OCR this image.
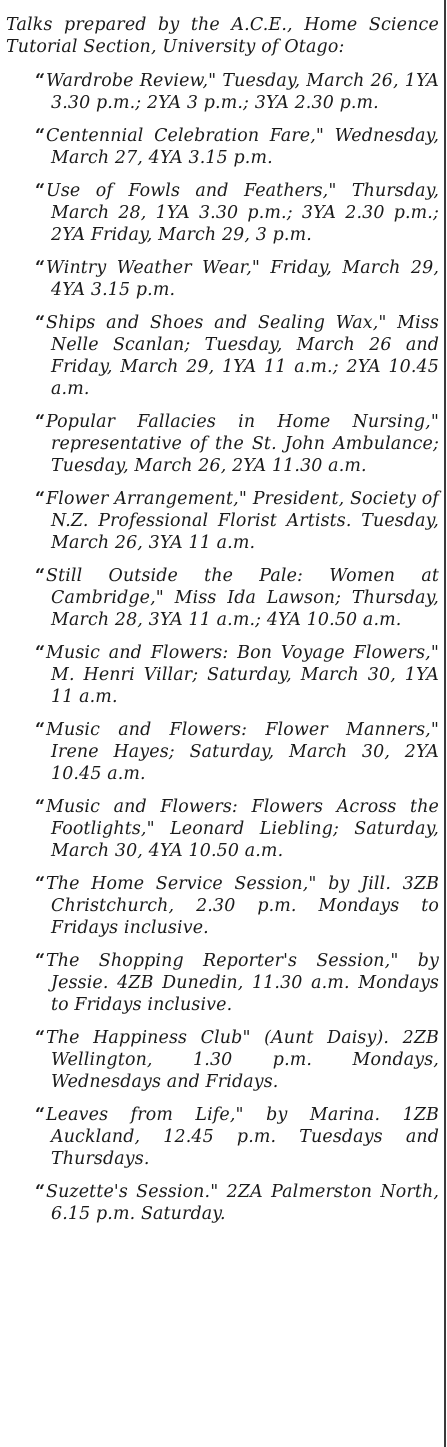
Talks prepared by the A.C.E., Home Science Tutorial Section, University of Otago:

“ Wardrobe Review," Tuesday, March 26, 1YA 3.30 p.m.; 2YA 3 p.m.; 3YA 2.30 p.m.

“ Centennial Celebration Fare," Wednesday, March 27, 4YA 3.15 p.m.

“ Use of Fowls and Feathers," Thursday, March 28, 1YA 3.30 p.m.; 3YA 2.30 p.m.; 2YA Friday, March 29, 3 p.m.

“ Wintry Weather Wear," Friday, March 29, 4YA 3.15 p.m.

“ Ships and Shoes and Sealing Wax," Miss Nelle Scanlan; Tuesday, March 26 and Friday, March 29, 1YA 11 a.m.; 2YA 10.45 a.m.

“ Popular Fallacies in Home Nursing," representative of the St. John Ambulance; Tuesday, March 26, 2YA 11.30 a.m.

“ Flower Arrangement," President, Society of N.Z. Professional Florist Artists. Tuesday, March 26, 3YA 11 a.m.

“ Still Outside the Pale: Women at Cambridge," Miss Ida Lawson; Thursday, March 28, 3YA 11 a.m.; 4YA 10.50 a.m.

“ Music and Flowers: Bon Voyage Flowers," M. Henri Villar; Saturday, March 30, 1YA 11 a.m.

“ Music and Flowers: Flower Manners," Irene Hayes; Saturday, March 30, 2YA 10.45 a.m.

“ Music and Flowers: Flowers Across the Footlights," Leonard Liebling; Saturday, March 30, 4YA 10.50 a.m.

“ The Home Service Session," by Jill. 3ZB Christchurch, 2.30 p.m. Mondays to Fridays inclusive.

“ The Shopping Reporter's Session," by Jessie. 4ZB Dunedin, 11.30 a.m. Mondays to Fridays inclusive.

“ The Happiness Club" (Aunt Daisy). 2ZB Wellington, 1.30 p.m. Mondays, Wednesdays and Fridays.

“ Leaves from Life," by Marina. 1ZB Auckland, 12.45 p.m. Tuesdays and Thursdays.

“ Suzette's Session." 2ZA Palmerston North, 6.15 p.m. Saturday.
